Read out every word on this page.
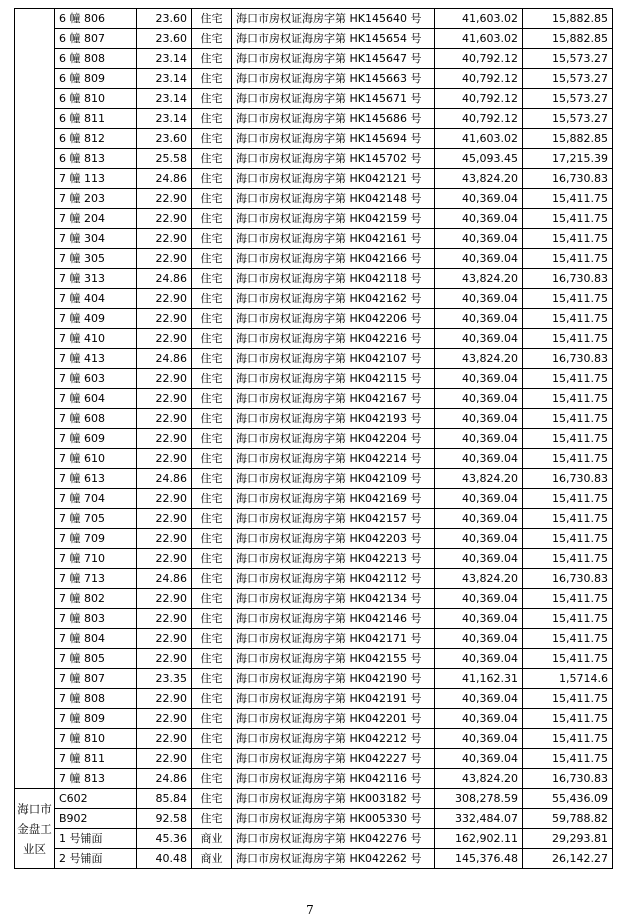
	6 幢 806	23.60	住宅	海口市房权证海房字第 HK145640 号	41,603.02	15,882.85
	6 幢 807	23.60	住宅	海口市房权证海房字第 HK145654 号	41,603.02	15,882.85
	6 幢 808	23.14	住宅	海口市房权证海房字第 HK145647 号	40,792.12	15,573.27
	6 幢 809	23.14	住宅	海口市房权证海房字第 HK145663 号	40,792.12	15,573.27
	6 幢 810	23.14	住宅	海口市房权证海房字第 HK145671 号	40,792.12	15,573.27
	6 幢 811	23.14	住宅	海口市房权证海房字第 HK145686 号	40,792.12	15,573.27
	6 幢 812	23.60	住宅	海口市房权证海房字第 HK145694 号	41,603.02	15,882.85
	6 幢 813	25.58	住宅	海口市房权证海房字第 HK145702 号	45,093.45	17,215.39
	7 幢 113	24.86	住宅	海口市房权证海房字第 HK042121 号	43,824.20	16,730.83
	7 幢 203	22.90	住宅	海口市房权证海房字第 HK042148 号	40,369.04	15,411.75
	7 幢 204	22.90	住宅	海口市房权证海房字第 HK042159 号	40,369.04	15,411.75
	7 幢 304	22.90	住宅	海口市房权证海房字第 HK042161 号	40,369.04	15,411.75
	7 幢 305	22.90	住宅	海口市房权证海房字第 HK042166 号	40,369.04	15,411.75
	7 幢 313	24.86	住宅	海口市房权证海房字第 HK042118 号	43,824.20	16,730.83
	7 幢 404	22.90	住宅	海口市房权证海房字第 HK042162 号	40,369.04	15,411.75
	7 幢 409	22.90	住宅	海口市房权证海房字第 HK042206 号	40,369.04	15,411.75
	7 幢 410	22.90	住宅	海口市房权证海房字第 HK042216 号	40,369.04	15,411.75
	7 幢 413	24.86	住宅	海口市房权证海房字第 HK042107 号	43,824.20	16,730.83
	7 幢 603	22.90	住宅	海口市房权证海房字第 HK042115 号	40,369.04	15,411.75
	7 幢 604	22.90	住宅	海口市房权证海房字第 HK042167 号	40,369.04	15,411.75
	7 幢 608	22.90	住宅	海口市房权证海房字第 HK042193 号	40,369.04	15,411.75
	7 幢 609	22.90	住宅	海口市房权证海房字第 HK042204 号	40,369.04	15,411.75
	7 幢 610	22.90	住宅	海口市房权证海房字第 HK042214 号	40,369.04	15,411.75
	7 幢 613	24.86	住宅	海口市房权证海房字第 HK042109 号	43,824.20	16,730.83
	7 幢 704	22.90	住宅	海口市房权证海房字第 HK042169 号	40,369.04	15,411.75
	7 幢 705	22.90	住宅	海口市房权证海房字第 HK042157 号	40,369.04	15,411.75
	7 幢 709	22.90	住宅	海口市房权证海房字第 HK042203 号	40,369.04	15,411.75
	7 幢 710	22.90	住宅	海口市房权证海房字第 HK042213 号	40,369.04	15,411.75
	7 幢 713	24.86	住宅	海口市房权证海房字第 HK042112 号	43,824.20	16,730.83
	7 幢 802	22.90	住宅	海口市房权证海房字第 HK042134 号	40,369.04	15,411.75
	7 幢 803	22.90	住宅	海口市房权证海房字第 HK042146 号	40,369.04	15,411.75
	7 幢 804	22.90	住宅	海口市房权证海房字第 HK042171 号	40,369.04	15,411.75
	7 幢 805	22.90	住宅	海口市房权证海房字第 HK042155 号	40,369.04	15,411.75
	7 幢 807	23.35	住宅	海口市房权证海房字第 HK042190 号	41,162.31	1,5714.6
	7 幢 808	22.90	住宅	海口市房权证海房字第 HK042191 号	40,369.04	15,411.75
	7 幢 809	22.90	住宅	海口市房权证海房字第 HK042201 号	40,369.04	15,411.75
	7 幢 810	22.90	住宅	海口市房权证海房字第 HK042212 号	40,369.04	15,411.75
	7 幢 811	22.90	住宅	海口市房权证海房字第 HK042227 号	40,369.04	15,411.75
	7 幢 813	24.86	住宅	海口市房权证海房字第 HK042116 号	43,824.20	16,730.83
海口市金盘工业区	C602	85.84	住宅	海口市房权证海房字第 HK003182 号	308,278.59	55,436.09
	B902	92.58	住宅	海口市房权证海房字第 HK005330 号	332,484.07	59,788.82
	1 号铺面	45.36	商业	海口市房权证海房字第 HK042276 号	162,902.11	29,293.81
	2 号铺面	40.48	商业	海口市房权证海房字第 HK042262 号	145,376.48	26,142.27
7
